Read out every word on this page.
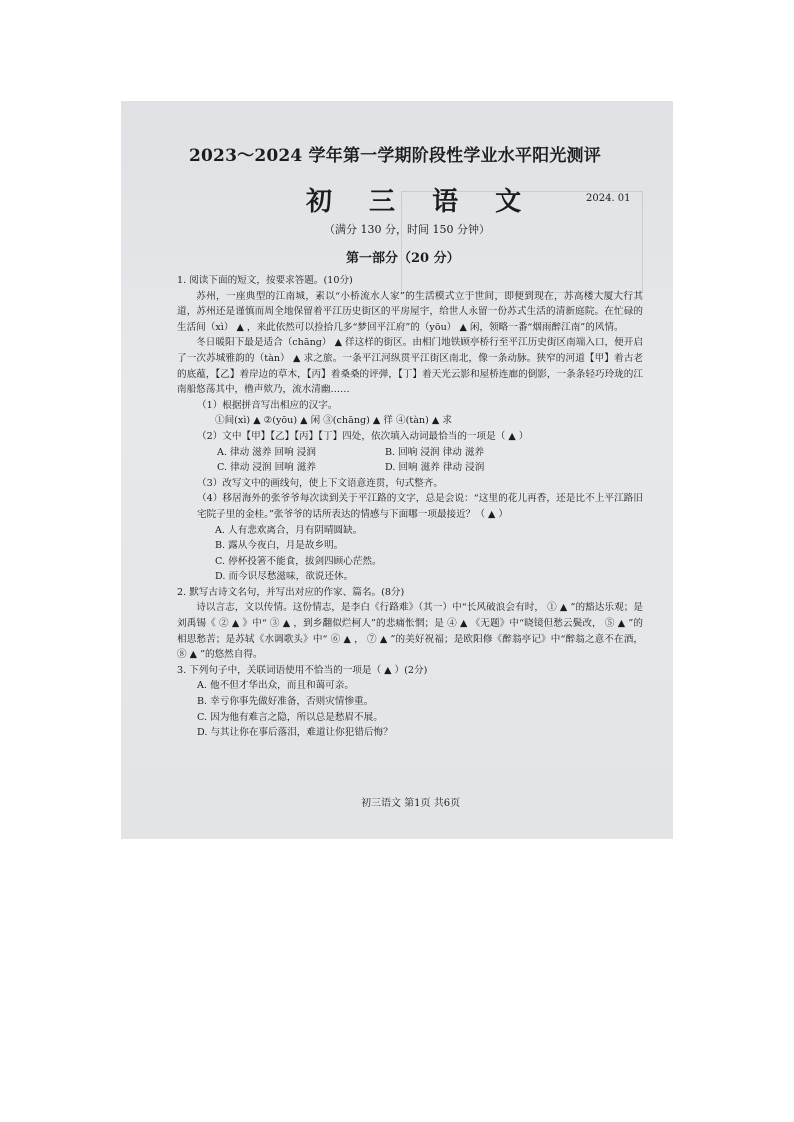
2023～2024 学年第一学期阶段性学业水平阳光测评
初 三 语 文	2024. 01
（满分 130 分，时间 150 分钟）
第一部分（20 分）

1. 阅读下面的短文，按要求答题。(10分)

苏州，一座典型的江南城，素以“小桥流水人家”的生活模式立于世间，即便到现在，苏高楼大厦大行其道，苏州还是谨慎而周全地保留着平江历史街区的平房屋宇，给世人永留一份苏式生活的清新庭院。在忙碌的生活间（xì） ▲ ，来此依然可以捡拾几多“梦回平江府”的（yōu） ▲ 闲，领略一番“烟雨醉江南”的风情。

冬日暖阳下最是适合（chāng） ▲ 徉这样的街区。由相门地铁顾亭桥行至平江历史街区南端入口，便开启了一次苏城雅韵的（tàn） ▲ 求之旅。一条平江河纵贯平江街区南北，像一条动脉。狭窄的河道【甲】着古老的底蕴，【乙】着岸边的草木，【丙】着桑桑的评弹，【丁】着天光云影和屋桥连廊的倒影，一条条轻巧玲珑的江南船悠荡其中，橹声欸乃，流水清幽……

（1）根据拼音写出相应的汉字。

①间(xì) ▲ ②(yōu) ▲ 闲 ③(chāng) ▲ 徉 ④(tàn) ▲ 求

（2）文中【甲】【乙】【丙】【丁】四处，依次填入动词最恰当的一项是（ ▲ ）

A. 律动 滋养 回响 浸润	B. 回响 浸润 律动 滋养
C. 律动 浸润 回响 滋养	D. 回响 滋养 律动 浸润

（3）改写文中的画线句，使上下文语意连贯，句式整齐。

（4）移居海外的张爷爷每次读到关于平江路的文字，总是会说：“这里的花儿再香，还是比不上平江路旧宅院子里的金桂。”张爷爷的话所表达的情感与下面哪一项最接近？（ ▲ ）

A. 人有悲欢离合，月有阴晴圆缺。

B. 露从今夜白，月是故乡明。

C. 停杯投箸不能食，拔剑四顾心茫然。

D. 而今识尽愁滋味，欲说还休。

2. 默写古诗文名句，并写出对应的作家、篇名。(8分)

诗以言志，文以传情。这份情志，是李白《行路难》（其一）中“长风破浪会有时， ① ▲ ”的豁达乐观；是刘禹锡《 ② ▲ 》中“ ③ ▲ ，到乡翻似烂柯人”的悲痛怅惘；是 ④ ▲ 《无题》中“晓镜但愁云鬓改， ⑤ ▲ ”的相思愁苦；是苏轼《水调歌头》中“ ⑥ ▲ ， ⑦ ▲ ”的美好祝福；是欧阳修《醉翁亭记》中“醉翁之意不在酒， ⑧ ▲ ”的悠然自得。

3. 下列句子中，关联词语使用不恰当的一项是（ ▲ ）(2分)

A. 他不但才华出众，而且和蔼可亲。

B. 幸亏你事先做好准备，否则灾情惨重。

C. 因为他有难言之隐，所以总是愁眉不展。

D. 与其让你在事后落泪，难道让你犯错后悔？

初三语文 第1页 共6页
